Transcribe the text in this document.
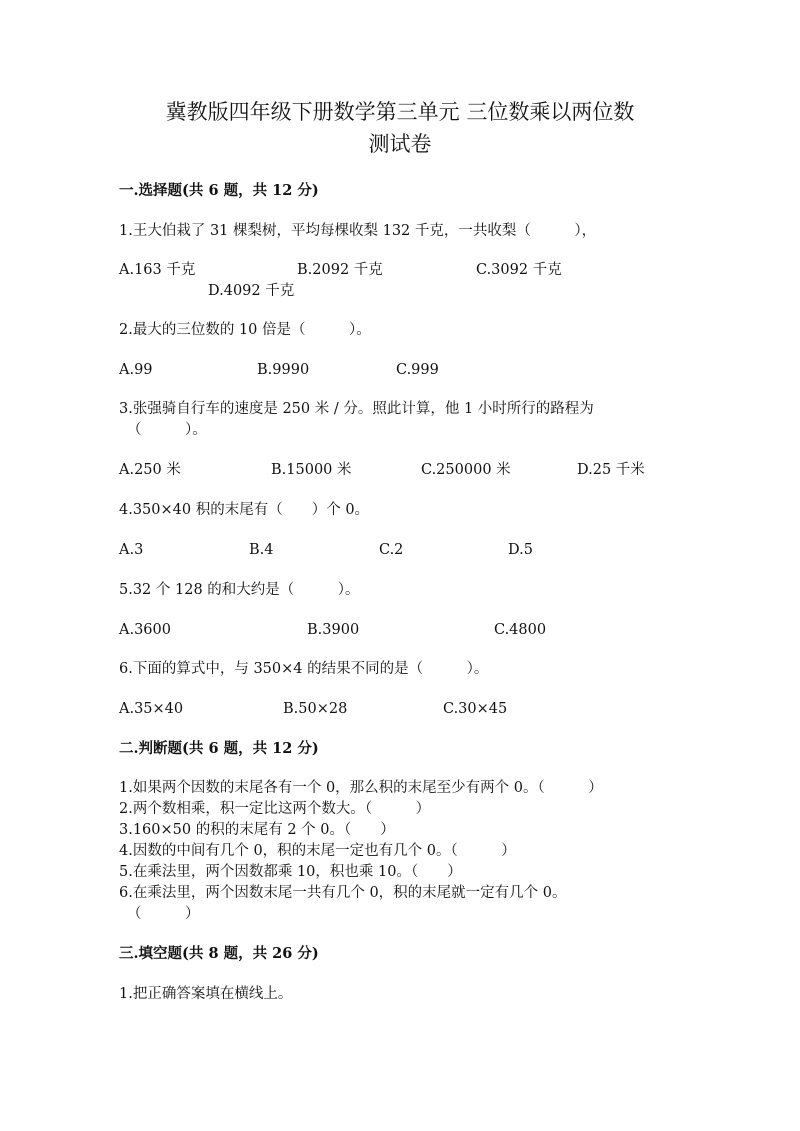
冀教版四年级下册数学第三单元 三位数乘以两位数
测试卷
一.选择题(共 6 题，共 12 分)
1.王大伯栽了 31 棵梨树，平均每棵收梨 132 千克，一共收梨（　　　），
A.163 千克	B.2092 千克	C.3092 千克
D.4092 千克
2.最大的三位数的 10 倍是（　　　）。
A.99	B.9990	C.999
3.张强骑自行车的速度是 250 米 / 分。照此计算，他 1 小时所行的路程为
（　　　）。
A.250 米	B.15000 米	C.250000 米	D.25 千米
4.350×40 积的末尾有（　　）个 0。
A.3	B.4	C.2	D.5
5.32 个 128 的和大约是（　　　）。
A.3600	B.3900	C.4800
6.下面的算式中，与 350×4 的结果不同的是（　　　）。
A.35×40	B.50×28	C.30×45
二.判断题(共 6 题，共 12 分)
1.如果两个因数的末尾各有一个 0，那么积的末尾至少有两个 0。（　　　）
2.两个数相乘，积一定比这两个数大。（　　　）
3.160×50 的积的末尾有 2 个 0。（　　）
4.因数的中间有几个 0，积的末尾一定也有几个 0。（　　　）
5.在乘法里，两个因数都乘 10，积也乘 10。（　　）
6.在乘法里，两个因数末尾一共有几个 0，积的末尾就一定有几个 0。
（　　　）
三.填空题(共 8 题，共 26 分)
1.把正确答案填在横线上。
